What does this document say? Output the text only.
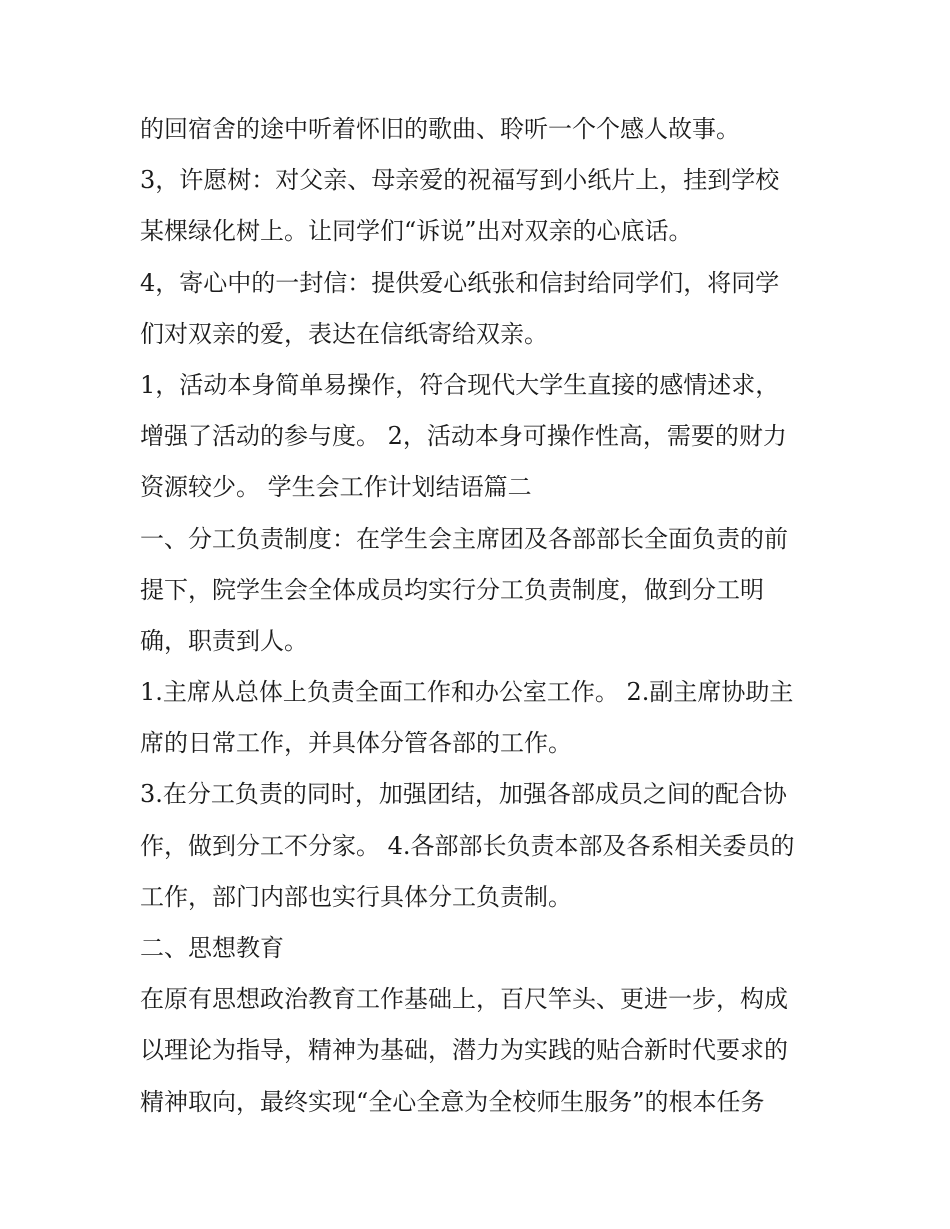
的回宿舍的途中听着怀旧的歌曲、聆听一个个感人故事。
3，许愿树：对父亲、母亲爱的祝福写到小纸片上，挂到学校
某棵绿化树上。让同学们“诉说”出对双亲的心底话。
4，寄心中的一封信：提供爱心纸张和信封给同学们，将同学
们对双亲的爱，表达在信纸寄给双亲。
1，活动本身简单易操作，符合现代大学生直接的感情述求，
增强了活动的参与度。 2，活动本身可操作性高，需要的财力
资源较少。 学生会工作计划结语篇二
一、分工负责制度：在学生会主席团及各部部长全面负责的前
提下，院学生会全体成员均实行分工负责制度，做到分工明
确，职责到人。
1.主席从总体上负责全面工作和办公室工作。 2.副主席协助主
席的日常工作，并具体分管各部的工作。
3.在分工负责的同时，加强团结，加强各部成员之间的配合协
作，做到分工不分家。 4.各部部长负责本部及各系相关委员的
工作，部门内部也实行具体分工负责制。
二、思想教育
在原有思想政治教育工作基础上，百尺竿头、更进一步，构成
以理论为指导，精神为基础，潜力为实践的贴合新时代要求的
精神取向，最终实现“全心全意为全校师生服务”的根本任务
